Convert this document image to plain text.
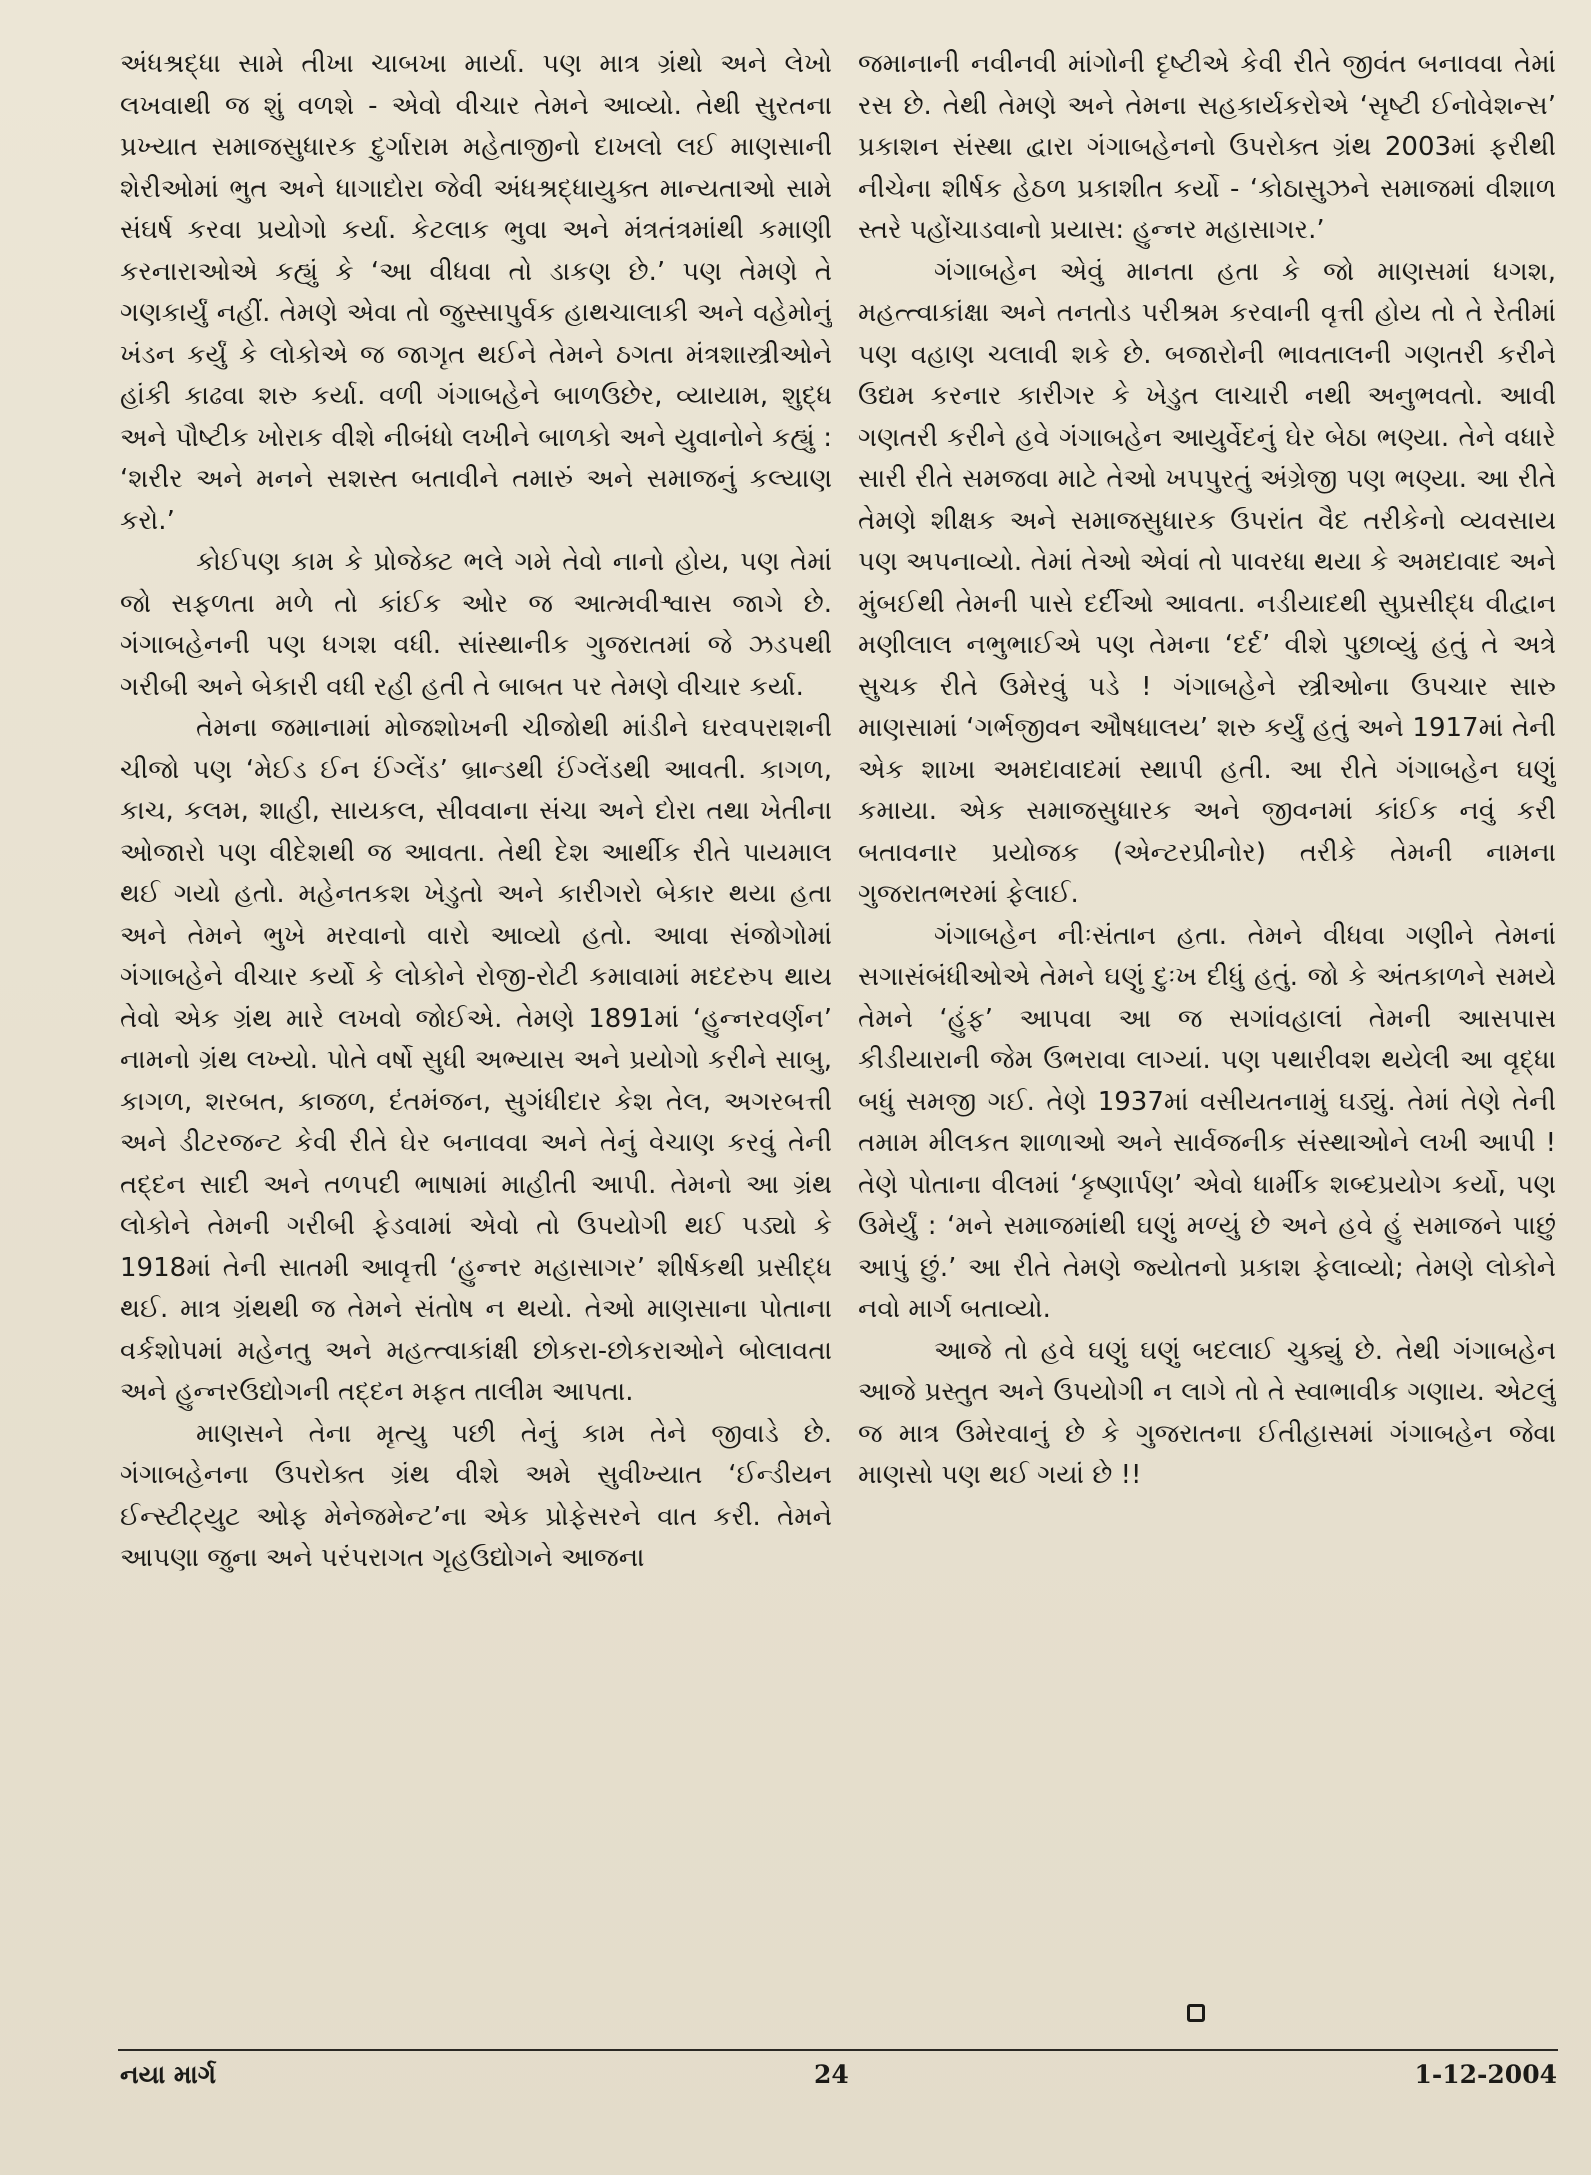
અંધશ્રદ્ધા સામે તીખા ચાબખા માર્યા. પણ માત્ર ગ્રંથો અને લેખો લખવાથી જ શું વળશે - એવો વીચાર તેમને આવ્યો. તેથી સુરતના પ્રખ્યાત સમાજસુધારક દુર્ગારામ મહેતાજીનો દાખલો લઈ માણસાની શેરીઓમાં ભુત અને ધાગાદોરા જેવી અંધશ્રદ્ધાયુક્ત માન્યતાઓ સામે સંઘર્ષ કરવા પ્રયોગો કર્યા. કેટલાક ભુવા અને મંત્રતંત્રમાંથી કમાણી કરનારાઓએ કહ્યું કે ‘આ વીધવા તો ડાકણ છે.’ પણ તેમણે તે ગણકાર્યું નહીં. તેમણે એવા તો જુસ્સાપુર્વક હાથચાલાકી અને વહેમોનું ખંડન કર્યું કે લોકોએ જ જાગૃત થઈને તેમને ઠગતા મંત્રશાસ્ત્રીઓને હાંકી કાઢવા શરુ કર્યા. વળી ગંગાબહેને બાળઉછેર, વ્યાયામ, શુદ્ધ અને પૌષ્ટીક ખોરાક વીશે નીબંધો લખીને બાળકો અને યુવાનોને કહ્યું : ‘શરીર અને મનને સશસ્ત બતાવીને તમારું અને સમાજનું કલ્યાણ કરો.’

કોઈપણ કામ કે પ્રોજેક્ટ ભલે ગમે તેવો નાનો હોય, પણ તેમાં જો સફળતા મળે તો કાંઈક ઓર જ આત્મવીશ્વાસ જાગે છે. ગંગાબહેનની પણ ધગશ વધી. સાંસ્થાનીક ગુજરાતમાં જે ઝડપથી ગરીબી અને બેકારી વધી રહી હતી તે બાબત પર તેમણે વીચાર કર્યા.

તેમના જમાનામાં મોજશોખની ચીજોથી માંડીને ઘરવપરાશની ચીજો પણ ‘મેઈડ ઈન ઈંગ્લેંડ’ બ્રાન્ડથી ઈંગ્લેંડથી આવતી. કાગળ, કાચ, કલમ, શાહી, સાયકલ, સીવવાના સંચા અને દોરા તથા ખેતીના ઓજારો પણ વીદેશથી જ આવતા. તેથી દેશ આર્થીક રીતે પાયમાલ થઈ ગયો હતો. મહેનતકશ ખેડુતો અને કારીગરો બેકાર થયા હતા અને તેમને ભુખે મરવાનો વારો આવ્યો હતો. આવા સંજોગોમાં ગંગાબહેને વીચાર કર્યો કે લોકોને રોજી-રોટી કમાવામાં મદદરુપ થાય તેવો એક ગ્રંથ મારે લખવો જોઈએ. તેમણે 1891માં ‘હુન્નરવર્ણન’ નામનો ગ્રંથ લખ્યો. પોતે વર્ષો સુધી અભ્યાસ અને પ્રયોગો કરીને સાબુ, કાગળ, શરબત, કાજળ, દંતમંજન, સુગંધીદાર કેશ તેલ, અગરબત્તી અને ડીટરજન્ટ કેવી રીતે ઘેર બનાવવા અને તેનું વેચાણ કરવું તેની તદ્દન સાદી અને તળપદી ભાષામાં માહીતી આપી. તેમનો આ ગ્રંથ લોકોને તેમની ગરીબી ફેડવામાં એવો તો ઉપયોગી થઈ પડ્યો કે 1918માં તેની સાતમી આવૃત્તી ‘હુન્નર મહાસાગર’ શીર્ષકથી પ્રસીદ્ધ થઈ. માત્ર ગ્રંથથી જ તેમને સંતોષ ન થયો. તેઓ માણસાના પોતાના વર્કશોપમાં મહેનતુ અને મહત્ત્વાકાંક્ષી છોકરા-છોકરાઓને બોલાવતા અને હુન્નરઉદ્યોગની તદ્દન મફત તાલીમ આપતા.

માણસને તેના મૃત્યુ પછી તેનું કામ તેને જીવાડે છે. ગંગાબહેનના ઉપરોક્ત ગ્રંથ વીશે અમે સુવીખ્યાત ‘ઈન્ડીયન ઈન્સ્ટીટ્યુટ ઓફ મેનેજમેન્ટ’ના એક પ્રોફેસરને વાત કરી. તેમને આપણા જુના અને પરંપરાગત ગૃહઉદ્યોગને આજના

જમાનાની નવીનવી માંગોની દૃષ્ટીએ કેવી રીતે જીવંત બનાવવા તેમાં રસ છે. તેથી તેમણે અને તેમના સહકાર્યકરોએ ‘સૃષ્ટી ઈનોવેશન્સ’ પ્રકાશન સંસ્થા દ્વારા ગંગાબહેનનો ઉપરોક્ત ગ્રંથ 2003માં ફરીથી નીચેના શીર્ષક હેઠળ પ્રકાશીત કર્યો - ‘કોઠાસુઝને સમાજમાં વીશાળ સ્તરે પહોંચાડવાનો પ્રયાસ: હુન્નર મહાસાગર.’

ગંગાબહેન એવું માનતા હતા કે જો માણસમાં ધગશ, મહત્ત્વાકાંક્ષા અને તનતોડ પરીશ્રમ કરવાની વૃત્તી હોય તો તે રેતીમાં પણ વહાણ ચલાવી શકે છે. બજારોની ભાવતાલની ગણતરી કરીને ઉદ્યમ કરનાર કારીગર કે ખેડુત લાચારી નથી અનુભવતો. આવી ગણતરી કરીને હવે ગંગાબહેન આયુર્વેદનું ઘેર બેઠા ભણ્યા. તેને વધારે સારી રીતે સમજવા માટે તેઓ ખપપુરતું અંગ્રેજી પણ ભણ્યા. આ રીતે તેમણે શીક્ષક અને સમાજસુધારક ઉપરાંત વૈદ તરીકેનો વ્યવસાય પણ અપનાવ્યો. તેમાં તેઓ એવાં તો પાવરધા થયા કે અમદાવાદ અને મુંબઈથી તેમની પાસે દર્દીઓ આવતા. નડીયાદથી સુપ્રસીદ્ધ વીદ્વાન મણીલાલ નભુભાઈએ પણ તેમના ‘દર્દ’ વીશે પુછાવ્યું હતું તે અત્રે સુચક રીતે ઉમેરવું પડે ! ગંગાબહેને સ્ત્રીઓના ઉપચાર સારુ માણસામાં ‘ગર્ભજીવન ઔષધાલય’ શરુ કર્યું હતું અને 1917માં તેની એક શાખા અમદાવાદમાં સ્થાપી હતી. આ રીતે ગંગાબહેન ઘણું કમાયા. એક સમાજસુધારક અને જીવનમાં કાંઈક નવું કરી બતાવનાર પ્રયોજક (એન્ટરપ્રીનોર) તરીકે તેમની નામના ગુજરાતભરમાં ફેલાઈ.

ગંગાબહેન નીઃસંતાન હતા. તેમને વીધવા ગણીને તેમનાં સગાસંબંધીઓએ તેમને ઘણું દુઃખ દીધું હતું. જો કે અંતકાળને સમયે તેમને ‘હુંફ’ આપવા આ જ સગાંવહાલાં તેમની આસપાસ કીડીયારાની જેમ ઉભરાવા લાગ્યાં. પણ પથારીવશ થયેલી આ વૃદ્ધા બધું સમજી ગઈ. તેણે 1937માં વસીયતનામું ઘડ્યું. તેમાં તેણે તેની તમામ મીલકત શાળાઓ અને સાર્વજનીક સંસ્થાઓને લખી આપી ! તેણે પોતાના વીલમાં ‘કૃષ્ણાર્પણ’ એવો ધાર્મીક શબ્દપ્રયોગ કર્યો, પણ ઉમેર્યું : ‘મને સમાજમાંથી ઘણું મળ્યું છે અને હવે હું સમાજને પાછું આપું છું.’ આ રીતે તેમણે જ્યોતનો પ્રકાશ ફેલાવ્યો; તેમણે લોકોને નવો માર્ગ બતાવ્યો.

આજે તો હવે ઘણું ઘણું બદલાઈ ચુક્યું છે. તેથી ગંગાબહેન આજે પ્રસ્તુત અને ઉપયોગી ન લાગે તો તે સ્વાભાવીક ગણાય. એટલું જ માત્ર ઉમેરવાનું છે કે ગુજરાતના ઈતીહાસમાં ગંગાબહેન જેવા માણસો પણ થઈ ગયાં છે !!

નયા માર્ગ	24	1-12-2004
